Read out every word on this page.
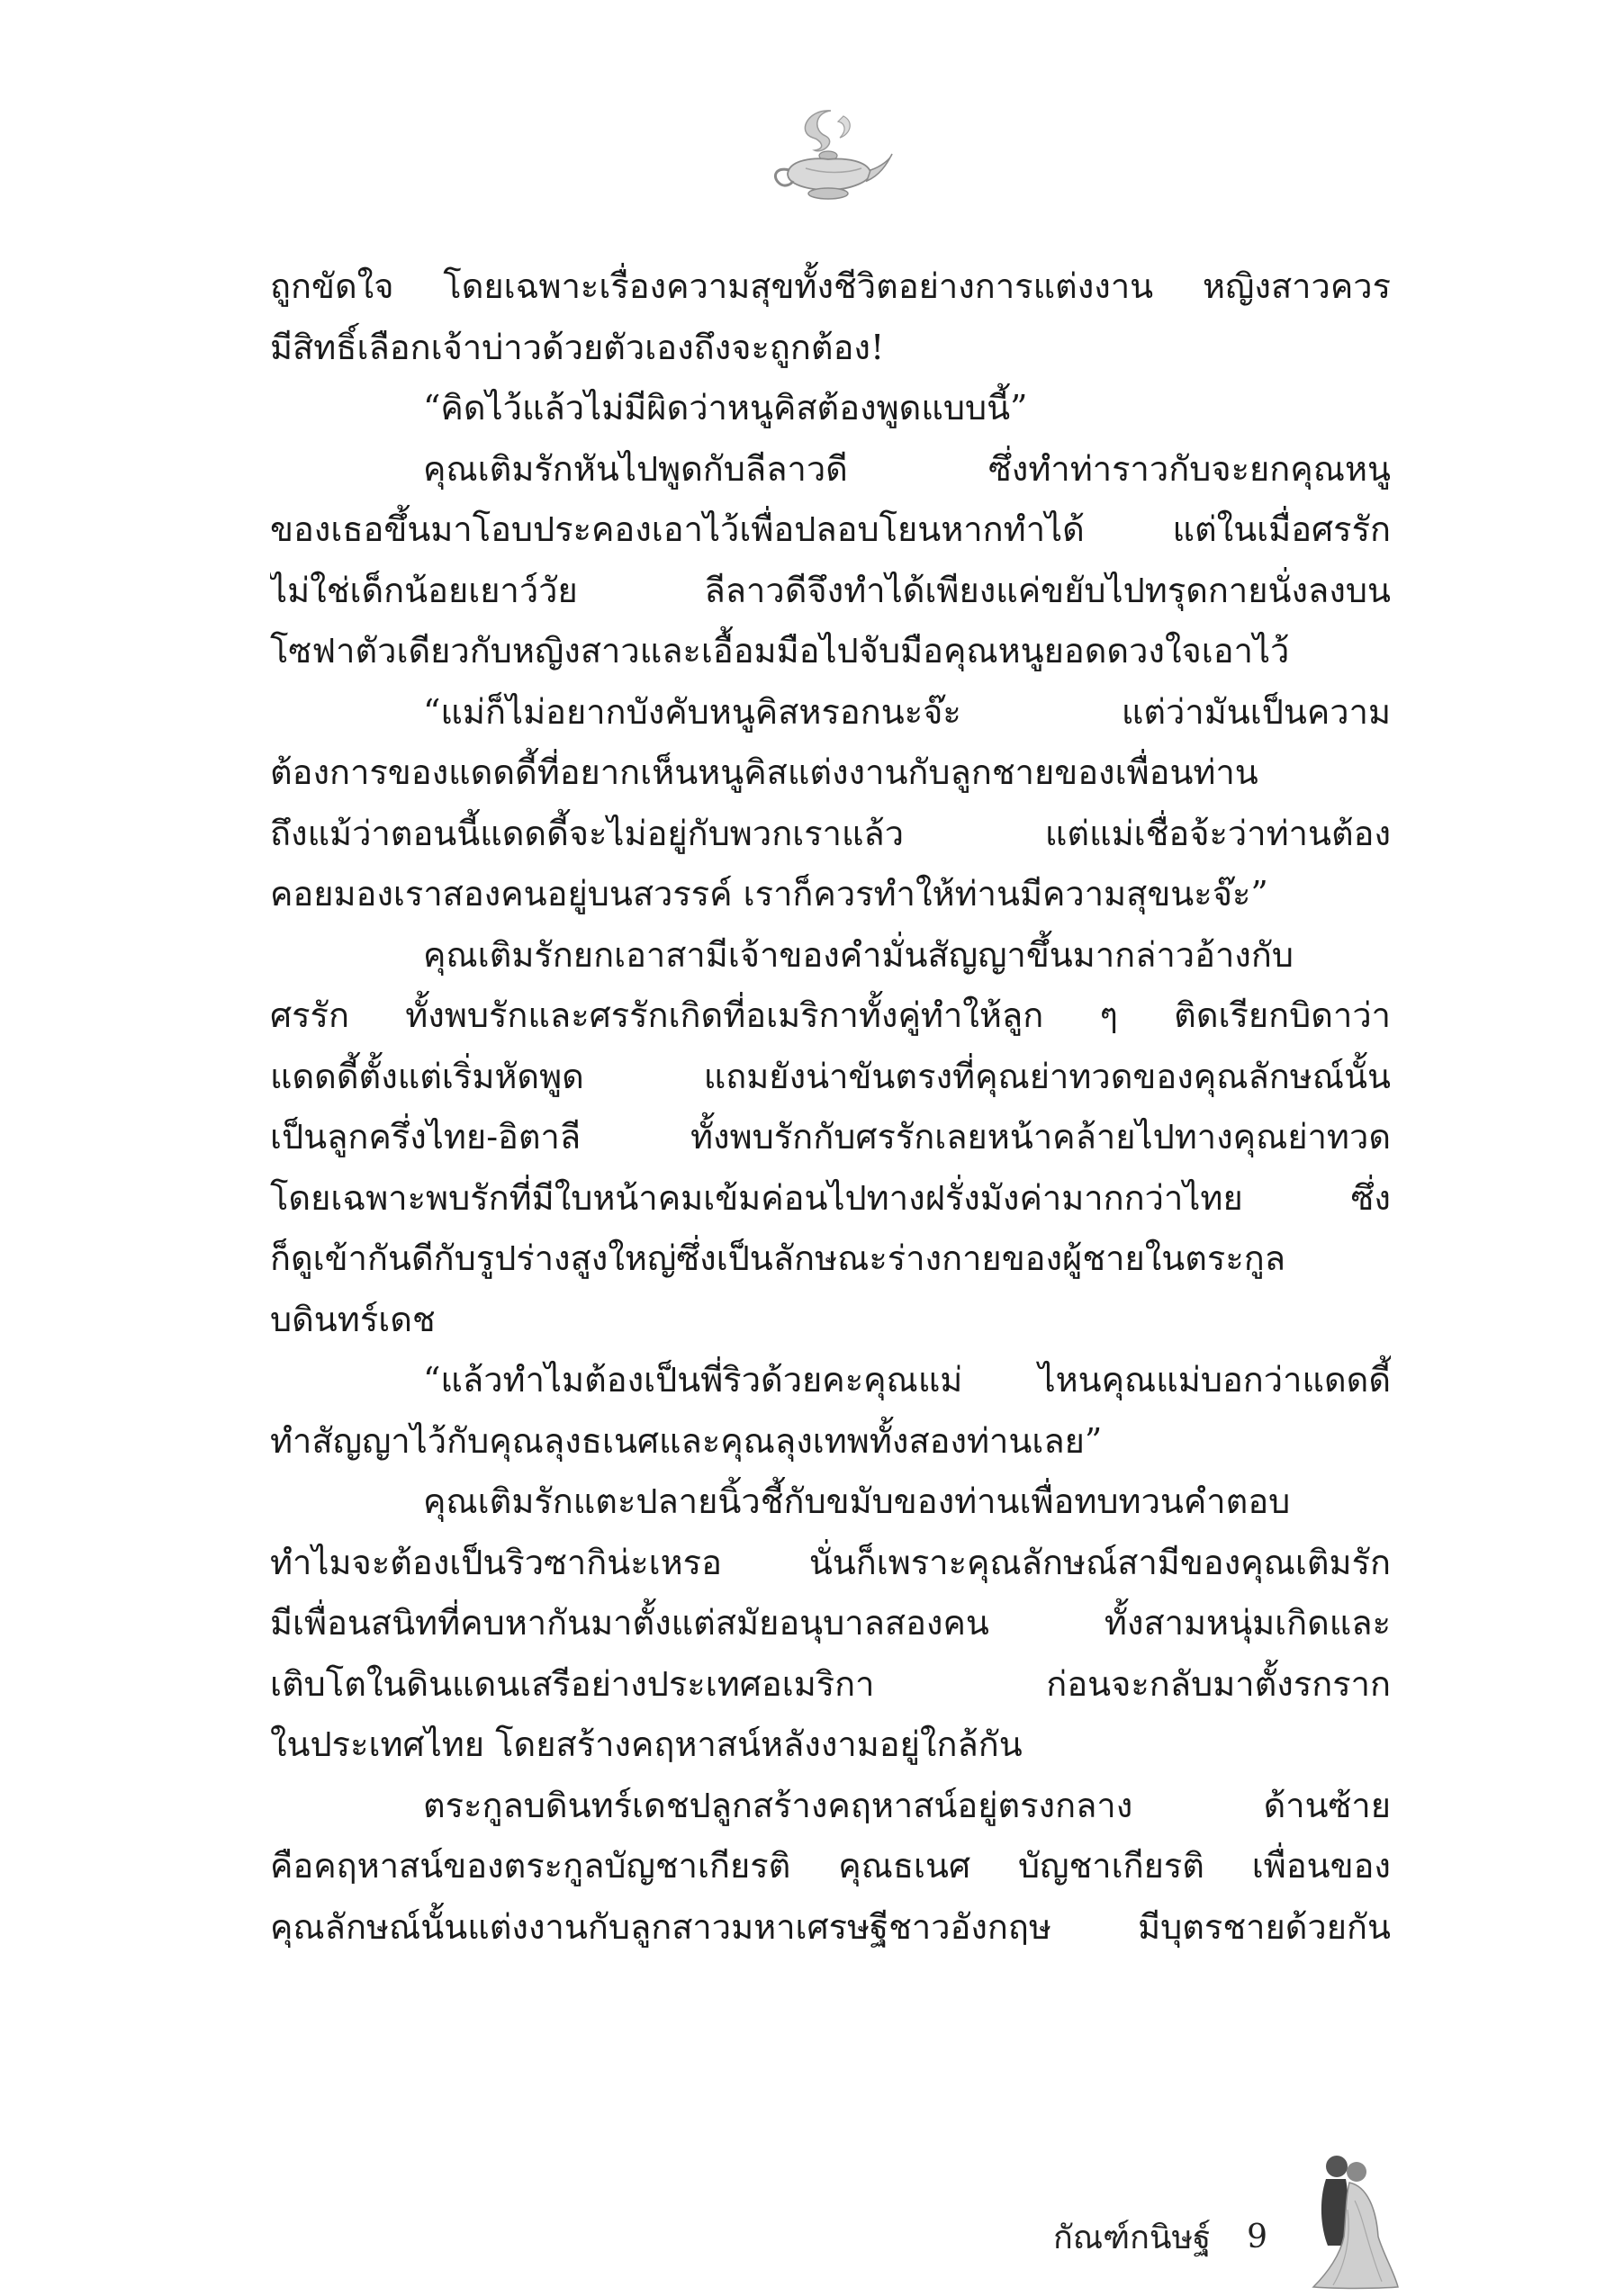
ถูกขัดใจ โดยเฉพาะเรื่องความสุขทั้งชีวิตอย่างการแต่งงาน หญิงสาวควร
มีสิทธิ์เลือกเจ้าบ่าวด้วยตัวเองถึงจะถูกต้อง!
“คิดไว้แล้วไม่มีผิดว่าหนูคิสต้องพูดแบบนี้”
คุณเติมรักหันไปพูดกับลีลาวดี ซึ่งทำท่าราวกับจะยกคุณหนู
ของเธอขึ้นมาโอบประคองเอาไว้เพื่อปลอบโยนหากทำได้ แต่ในเมื่อศรรัก
ไม่ใช่เด็กน้อยเยาว์วัย ลีลาวดีจึงทำได้เพียงแค่ขยับไปทรุดกายนั่งลงบน
โซฟาตัวเดียวกับหญิงสาวและเอื้อมมือไปจับมือคุณหนูยอดดวงใจเอาไว้
“แม่ก็ไม่อยากบังคับหนูคิสหรอกนะจ๊ะ แต่ว่ามันเป็นความ
ต้องการของแดดดี้ที่อยากเห็นหนูคิสแต่งงานกับลูกชายของเพื่อนท่าน
ถึงแม้ว่าตอนนี้แดดดี้จะไม่อยู่กับพวกเราแล้ว แต่แม่เชื่อจ้ะว่าท่านต้อง
คอยมองเราสองคนอยู่บนสวรรค์ เราก็ควรทำให้ท่านมีความสุขนะจ๊ะ”
คุณเติมรักยกเอาสามีเจ้าของคำมั่นสัญญาขึ้นมากล่าวอ้างกับ
ศรรัก ทั้งพบรักและศรรักเกิดที่อเมริกาทั้งคู่ทำให้ลูก ๆ ติดเรียกบิดาว่า
แดดดี้ตั้งแต่เริ่มหัดพูด แถมยังน่าขันตรงที่คุณย่าทวดของคุณลักษณ์นั้น
เป็นลูกครึ่งไทย-อิตาลี ทั้งพบรักกับศรรักเลยหน้าคล้ายไปทางคุณย่าทวด
โดยเฉพาะพบรักที่มีใบหน้าคมเข้มค่อนไปทางฝรั่งมังค่ามากกว่าไทย ซึ่ง
ก็ดูเข้ากันดีกับรูปร่างสูงใหญ่ซึ่งเป็นลักษณะร่างกายของผู้ชายในตระกูล
บดินทร์เดช
“แล้วทำไมต้องเป็นพี่ริวด้วยคะคุณแม่ ไหนคุณแม่บอกว่าแดดดี้
ทำสัญญาไว้กับคุณลุงธเนศและคุณลุงเทพทั้งสองท่านเลย”
คุณเติมรักแตะปลายนิ้วชี้กับขมับของท่านเพื่อทบทวนคำตอบ
ทำไมจะต้องเป็นริวซากิน่ะเหรอ นั่นก็เพราะคุณลักษณ์สามีของคุณเติมรัก
มีเพื่อนสนิทที่คบหากันมาตั้งแต่สมัยอนุบาลสองคน ทั้งสามหนุ่มเกิดและ
เติบโตในดินแดนเสรีอย่างประเทศอเมริกา ก่อนจะกลับมาตั้งรกราก
ในประเทศไทย โดยสร้างคฤหาสน์หลังงามอยู่ใกล้กัน
ตระกูลบดินทร์เดชปลูกสร้างคฤหาสน์อยู่ตรงกลาง ด้านซ้าย
คือคฤหาสน์ของตระกูลบัญชาเกียรติ คุณธเนศ บัญชาเกียรติ เพื่อนของ
คุณลักษณ์นั้นแต่งงานกับลูกสาวมหาเศรษฐีชาวอังกฤษ มีบุตรชายด้วยกัน
กัณฑ์กนิษฐ์ 9
